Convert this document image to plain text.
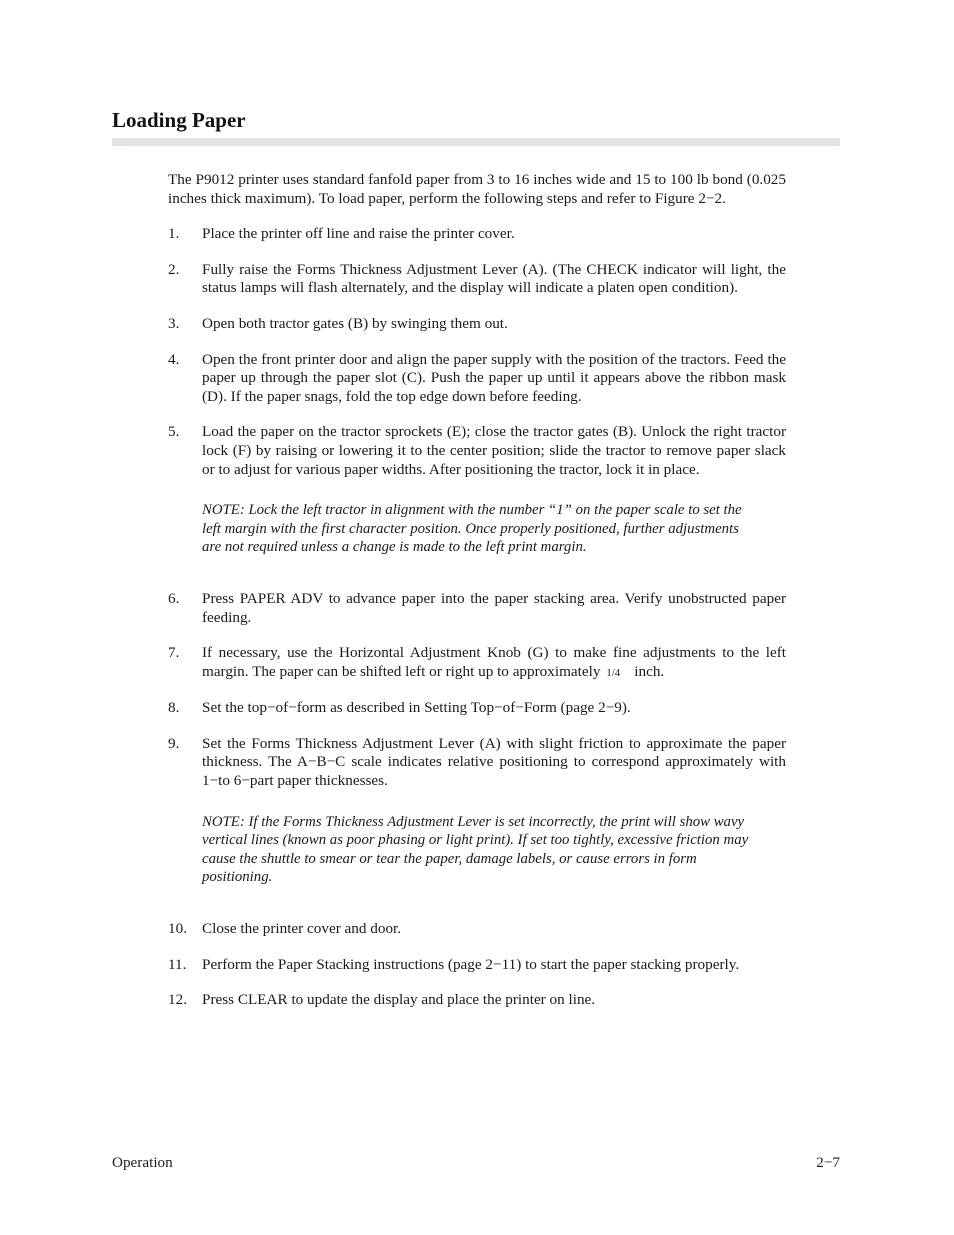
Loading Paper

The P9012 printer uses standard fanfold paper from 3 to 16 inches wide and 15 to 100 lb bond (0.025 inches thick maximum). To load paper, perform the following steps and refer to Figure 2−2.

1.	Place the printer off line and raise the printer cover.
2.	Fully raise the Forms Thickness Adjustment Lever (A). (The CHECK indicator will light, the status lamps will flash alternately, and the display will indicate a platen open condition).
3.	Open both tractor gates (B) by swinging them out.
4.	Open the front printer door and align the paper supply with the position of the tractors. Feed the paper up through the paper slot (C). Push the paper up until it appears above the ribbon mask (D). If the paper snags, fold the top edge down before feeding.
5.	Load the paper on the tractor sprockets (E); close the tractor gates (B). Unlock the right tractor lock (F) by raising or lowering it to the center position; slide the tractor to remove paper slack or to adjust for various paper widths. After positioning the tractor, lock it in place.
NOTE: Lock the left tractor in alignment with the number “1” on the paper scale to set the left margin with the first character position. Once properly positioned, further adjustments are not required unless a change is made to the left print margin.
6.	Press PAPER ADV to advance paper into the paper stacking area. Verify unobstructed paper feeding.
7.	If necessary, use the Horizontal Adjustment Knob (G) to make fine adjustments to the left margin. The paper can be shifted left or right up to approximately 1/4 inch.
8.	Set the top−of−form as described in Setting Top−of−Form (page 2−9).
9.	Set the Forms Thickness Adjustment Lever (A) with slight friction to approximate the paper thickness. The A−B−C scale indicates relative positioning to correspond approximately with 1−to 6−part paper thicknesses.
NOTE: If the Forms Thickness Adjustment Lever is set incorrectly, the print will show wavy vertical lines (known as poor phasing or light print). If set too tightly, excessive friction may cause the shuttle to smear or tear the paper, damage labels, or cause errors in form positioning.
10. Close the printer cover and door.
11.	Perform the Paper Stacking instructions (page 2−11) to start the paper stacking properly.
12. Press CLEAR to update the display and place the printer on line.
Operation	2−7
